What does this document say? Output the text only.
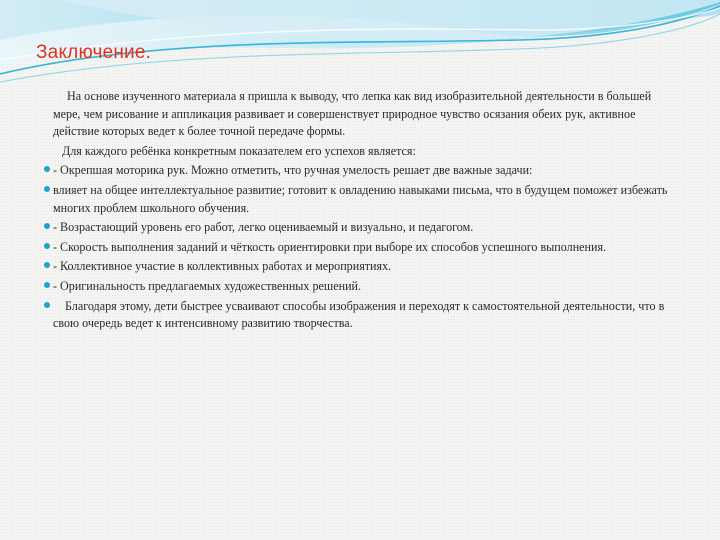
Заключение.

На основе изученного материала я пришла к выводу, что лепка как вид изобразительной деятельности в большей мере, чем рисование и аппликация развивает и совершенствует природное чувство осязания обеих рук, активное действие которых ведет к более точной передаче формы.

Для каждого ребёнка конкретным показателем его успехов является:

- Окрепшая моторика рук. Можно отметить, что ручная умелость решает две важные задачи:
влияет на общее интеллектуальное развитие; готовит к овладению навыками письма, что в будущем поможет избежать многих проблем школьного обучения.
- Возрастающий уровень его работ, легко оцениваемый и визуально, и педагогом.
- Скорость выполнения заданий и чёткость ориентировки при выборе их способов успешного выполнения.
- Коллективное участие в коллективных работах и мероприятиях.
- Оригинальность предлагаемых художественных решений.
Благодаря этому, дети быстрее усваивают способы изображения и переходят к самостоятельной деятельности, что в свою очередь ведет к интенсивному развитию творчества.
